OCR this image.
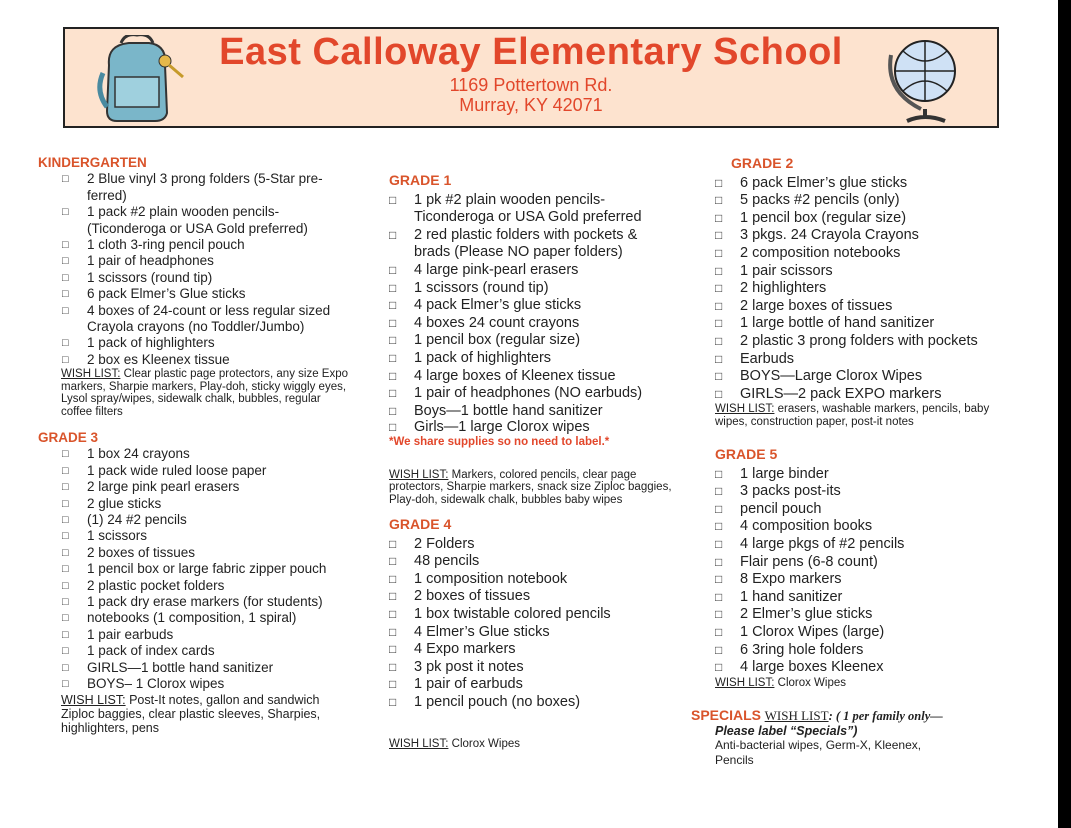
East Calloway Elementary School
1169 Pottertown Rd.
Murray, KY 42071
KINDERGARTEN
□ 2 Blue vinyl 3 prong folders (5-Star pre-
ferred)
□ 1 pack #2 plain wooden pencils-
(Ticonderoga or USA Gold preferred)
□ 1 cloth 3-ring pencil pouch
□ 1 pair of headphones
□ 1 scissors (round tip)
□ 6 pack Elmer’s Glue sticks
□ 4 boxes of 24-count or less regular sized
Crayola crayons (no Toddler/Jumbo)
□ 1 pack of highlighters
□ 2 box es Kleenex tissue
WISH LIST: Clear plastic page protectors, any size Expo markers, Sharpie markers, Play-doh, sticky wiggly eyes, Lysol spray/wipes, sidewalk chalk, bubbles, regular coffee filters
GRADE 3
□ 1 box 24 crayons
□ 1 pack wide ruled loose paper
□ 2 large pink pearl erasers
□ 2 glue sticks
□ (1) 24 #2 pencils
□ 1 scissors
□ 2 boxes of tissues
□ 1 pencil box or large fabric zipper pouch
□ 2 plastic pocket folders
□ 1 pack dry erase markers (for students)
□ notebooks (1 composition, 1 spiral)
□ 1 pair earbuds
□ 1 pack of index cards
□ GIRLS—1 bottle hand sanitizer
□ BOYS– 1 Clorox wipes
WISH LIST: Post-It notes, gallon and sandwich Ziploc baggies, clear plastic sleeves, Sharpies, highlighters, pens
GRADE 1
□ 1 pk #2 plain wooden pencils-
Ticonderoga or USA Gold preferred
□ 2 red plastic folders with pockets &
brads (Please NO paper folders)
□ 4 large pink-pearl erasers
□ 1 scissors (round tip)
□ 4 pack Elmer’s glue sticks
□ 4 boxes 24 count crayons
□ 1 pencil box (regular size)
□ 1 pack of highlighters
□ 4 large boxes of Kleenex tissue
□ 1 pair of headphones (NO earbuds)
□ Boys—1 bottle hand sanitizer
□ Girls—1 large Clorox wipes
*We share supplies so no need to label.*
WISH LIST: Markers, colored pencils, clear page protectors, Sharpie markers, snack size Ziploc baggies, Play-doh, sidewalk chalk, bubbles baby wipes
GRADE 4
□ 2 Folders
□ 48 pencils
□ 1 composition notebook
□ 2 boxes of tissues
□ 1 box twistable colored pencils
□ 4 Elmer’s Glue sticks
□ 4 Expo markers
□ 3 pk post it notes
□ 1 pair of earbuds
□ 1 pencil pouch (no boxes)
WISH LIST: Clorox Wipes
GRADE 2
□ 6 pack Elmer’s glue sticks
□ 5 packs #2 pencils (only)
□ 1 pencil box (regular size)
□ 3 pkgs. 24 Crayola Crayons
□ 2 composition notebooks
□ 1 pair scissors
□ 2 highlighters
□ 2 large boxes of tissues
□ 1 large bottle of hand sanitizer
□ 2 plastic 3 prong folders with pockets
□ Earbuds
□ BOYS—Large Clorox Wipes
□ GIRLS—2 pack EXPO markers
WISH LIST: erasers, washable markers, pencils, baby wipes, construction paper, post-it notes
GRADE 5
□ 1 large binder
□ 3 packs post-its
□ pencil pouch
□ 4 composition books
□ 4 large pkgs of #2 pencils
□ Flair pens (6-8 count)
□ 8 Expo markers
□ 1 hand sanitizer
□ 2 Elmer’s glue sticks
□ 1 Clorox Wipes (large)
□ 6 3ring hole folders
□ 4 large boxes Kleenex
WISH LIST: Clorox Wipes
SPECIALS WISH LIST: ( 1 per family only—
Please label “Specials”)
Anti-bacterial wipes, Germ-X, Kleenex, Pencils
